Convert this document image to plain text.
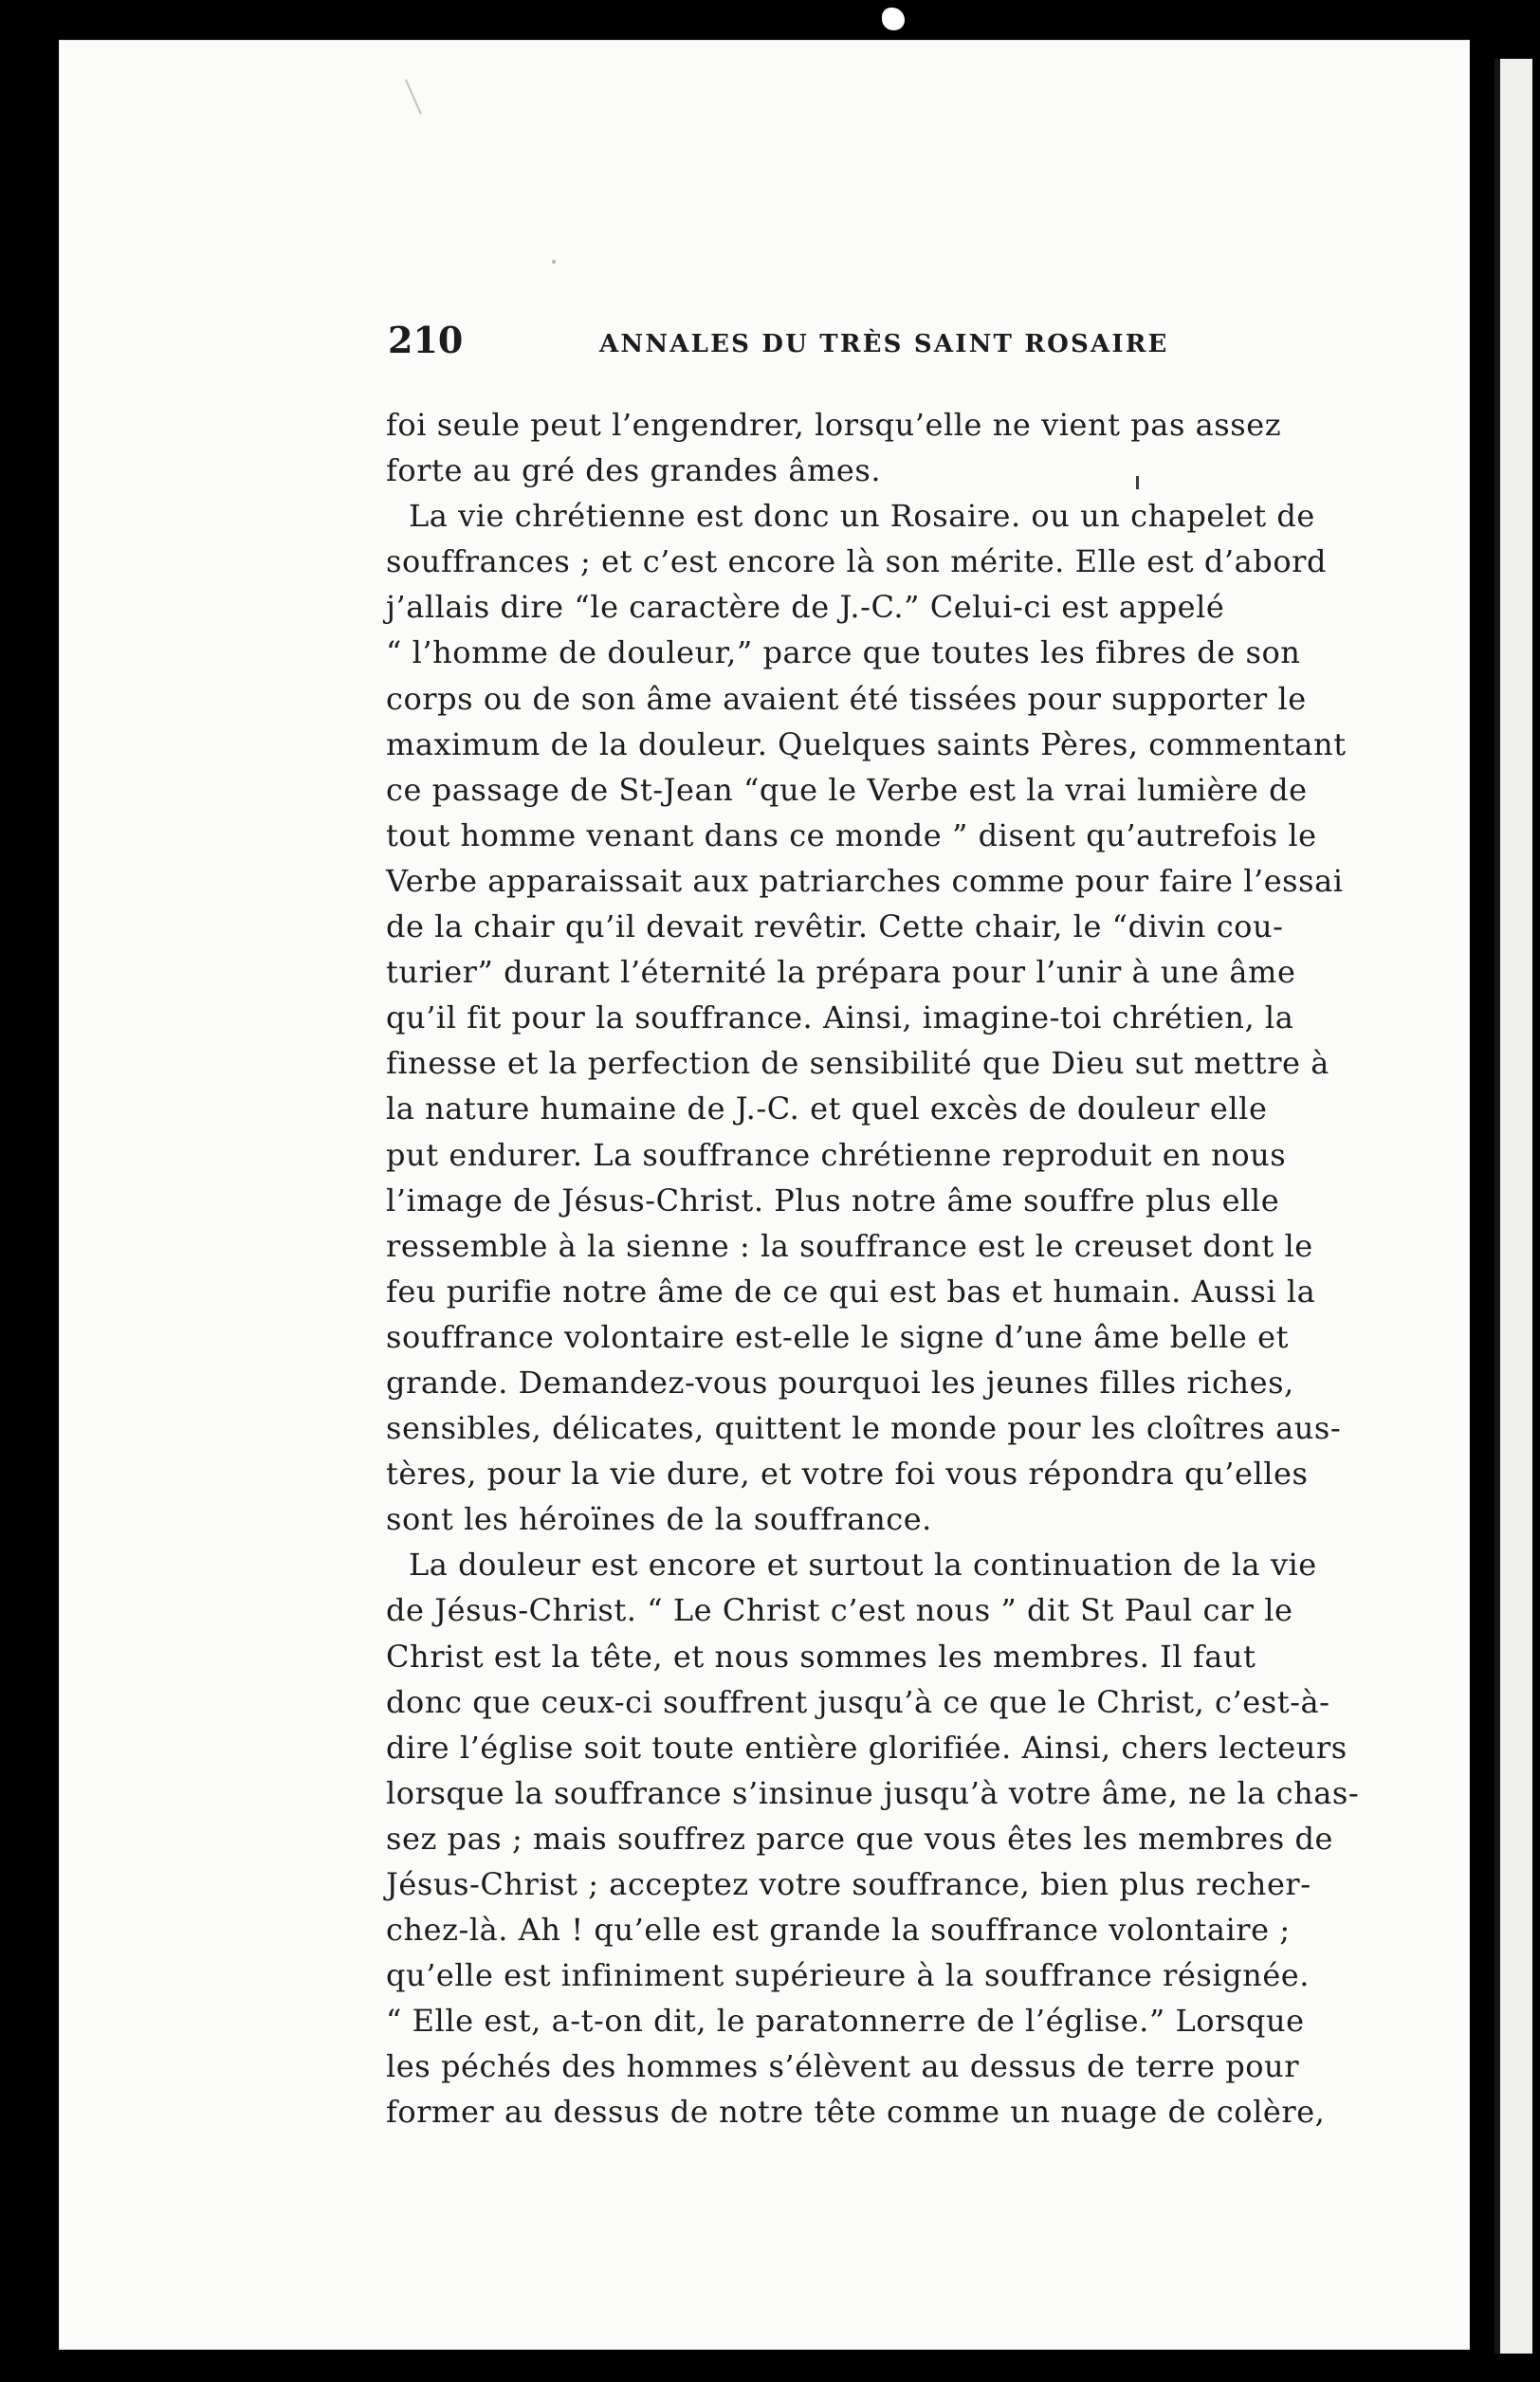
210	ANNALES DU TRÈS SAINT ROSAIRE
foi seule peut l’engendrer, lorsqu’elle ne vient pas assez
forte au gré des grandes âmes.
La vie chrétienne est donc un Rosaire. ou un chapelet de
souffrances ; et c’est encore là son mérite. Elle est d’abord
j’allais dire “le caractère de J.-C.” Celui-ci est appelé
“ l’homme de douleur,” parce que toutes les fibres de son
corps ou de son âme avaient été tissées pour supporter le
maximum de la douleur. Quelques saints Pères, commentant
ce passage de St-Jean “que le Verbe est la vrai lumière de
tout homme venant dans ce monde ” disent qu’autrefois le
Verbe apparaissait aux patriarches comme pour faire l’essai
de la chair qu’il devait revêtir. Cette chair, le “divin cou-
turier” durant l’éternité la prépara pour l’unir à une âme
qu’il fit pour la souffrance. Ainsi, imagine-toi chrétien, la
finesse et la perfection de sensibilité que Dieu sut mettre à
la nature humaine de J.-C. et quel excès de douleur elle
put endurer. La souffrance chrétienne reproduit en nous
l’image de Jésus-Christ. Plus notre âme souffre plus elle
ressemble à la sienne : la souffrance est le creuset dont le
feu purifie notre âme de ce qui est bas et humain. Aussi la
souffrance volontaire est-elle le signe d’une âme belle et
grande. Demandez-vous pourquoi les jeunes filles riches,
sensibles, délicates, quittent le monde pour les cloîtres aus-
tères, pour la vie dure, et votre foi vous répondra qu’elles
sont les héroïnes de la souffrance.
La douleur est encore et surtout la continuation de la vie
de Jésus-Christ. “ Le Christ c’est nous ” dit St Paul car le
Christ est la tête, et nous sommes les membres. Il faut
donc que ceux-ci souffrent jusqu’à ce que le Christ, c’est-à-
dire l’église soit toute entière glorifiée. Ainsi, chers lecteurs
lorsque la souffrance s’insinue jusqu’à votre âme, ne la chas-
sez pas ; mais souffrez parce que vous êtes les membres de
Jésus-Christ ; acceptez votre souffrance, bien plus recher-
chez-là. Ah ! qu’elle est grande la souffrance volontaire ;
qu’elle est infiniment supérieure à la souffrance résignée.
“ Elle est, a-t-on dit, le paratonnerre de l’église.” Lorsque
les péchés des hommes s’élèvent au dessus de terre pour
former au dessus de notre tête comme un nuage de colère,
